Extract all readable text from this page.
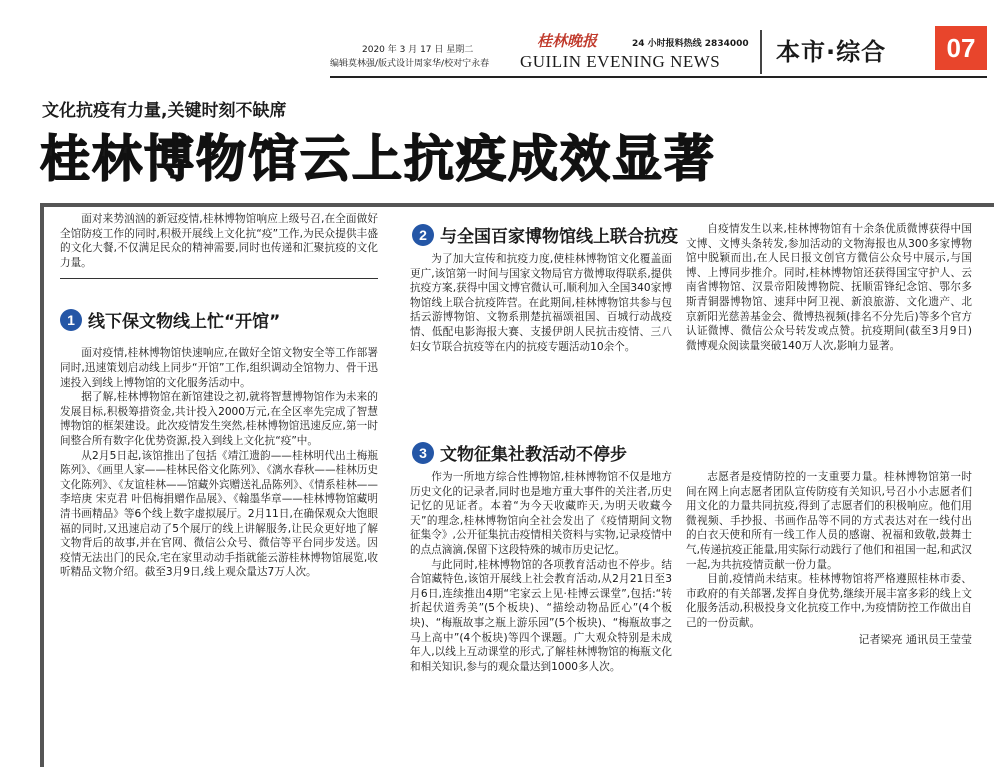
2020 年 3 月 17 日 星期二
编辑莫林强/版式设计周家华/校对宁永春
桂林晚报	24 小时报料热线 2834000
GUILIN EVENING NEWS 本市·综合	07
文化抗疫有力量,关键时刻不缺席
桂林博物馆云上抗疫成效显著

面对来势汹汹的新冠疫情,桂林博物馆响应上级号召,在全面做好全馆防疫工作的同时,积极开展线上文化抗“疫”工作,为民众提供丰盛的文化大餐,不仅满足民众的精神需要,同时也传递和汇聚抗疫的文化力量。

1 线下保文物线上忙“开馆”

面对疫情,桂林博物馆快速响应,在做好全馆文物安全等工作部署同时,迅速策划启动线上同步“开馆”工作,组织调动全馆物力、骨干迅速投入到线上博物馆的文化服务活动中。

据了解,桂林博物馆在新馆建设之初,就将智慧博物馆作为未来的发展目标,积极筹措资金,共计投入2000万元,在全区率先完成了智慧博物馆的框架建设。此次疫情发生突然,桂林博物馆迅速反应,第一时间整合所有数字化优势资源,投入到线上文化抗“疫”中。

从2月5日起,该馆推出了包括《靖江遗韵——桂林明代出土梅瓶陈列》、《画里人家——桂林民俗文化陈列》、《漓水春秋——桂林历史文化陈列》、《友谊桂林——馆藏外宾赠送礼品陈列》、《情系桂林——李培庚 宋克君 叶侣梅捐赠作品展》、《翰墨华章——桂林博物馆藏明清书画精品》等6个线上数字虚拟展厅。2月11日,在确保观众大饱眼福的同时,又迅速启动了5个展厅的线上讲解服务,让民众更好地了解文物背后的故事,并在官网、微信公众号、微信等平台同步发送。因疫情无法出门的民众,宅在家里动动手指就能云游桂林博物馆展览,收听精品文物介绍。截至3月9日,线上观众量达7万人次。

2 与全国百家博物馆线上联合抗疫

为了加大宣传和抗疫力度,使桂林博物馆文化覆盖面更广,该馆第一时间与国家文物局官方微博取得联系,提供抗疫方案,获得中国文博官微认可,顺利加入全国340家博物馆线上联合抗疫阵营。在此期间,桂林博物馆共参与包括云游博物馆、文物系荆楚抗福颂祖国、百城行动战疫情、低配电影海报大赛、支援伊朗人民抗击疫情、三八妇女节联合抗疫等在内的抗疫专题活动10余个。

自疫情发生以来,桂林博物馆有十余条优质微博获得中国文博、文博头条转发,参加活动的文物海报也从300多家博物馆中脱颖而出,在人民日报文创官方微信公众号中展示,与国博、上博同步推介。同时,桂林博物馆还获得国宝守护人、云南省博物馆、汉景帝阳陵博物院、抚顺雷锋纪念馆、鄂尔多斯青铜器博物馆、速拜中阿卫视、新浪旅游、文化遗产、北京新阳光慈善基金会、微博热视频(排名不分先后)等多个官方认证微博、微信公众号转发或点赞。抗疫期间(截至3月9日)微博观众阅读量突破140万人次,影响力显著。

3 文物征集社教活动不停步

作为一所地方综合性博物馆,桂林博物馆不仅是地方历史文化的记录者,同时也是地方重大事件的关注者,历史记忆的见证者。本着“为今天收藏昨天,为明天收藏今天”的理念,桂林博物馆向全社会发出了《疫情期间文物征集令》,公开征集抗击疫情相关资料与实物,记录疫情中的点点滴滴,保留下这段特殊的城市历史记忆。

与此同时,桂林博物馆的各项教育活动也不停步。结合馆藏特色,该馆开展线上社会教育活动,从2月21日至3月6日,连续推出4期“宅家云上见·桂博云课堂”,包括:“转折起伏道秀美”(5个板块)、“描绘动物品匠心”(4个板块)、“梅瓶故事之瓶上游乐园”(5个板块)、“梅瓶故事之马上高中”(4个板块)等四个课题。广大观众特别是未成年人,以线上互动课堂的形式,了解桂林博物馆的梅瓶文化和相关知识,参与的观众量达到1000多人次。

志愿者是疫情防控的一支重要力量。桂林博物馆第一时间在网上向志愿者团队宣传防疫有关知识,号召小小志愿者们用文化的力量共同抗疫,得到了志愿者们的积极响应。他们用微视频、手抄报、书画作品等不同的方式表达对在一线付出的白衣天使和所有一线工作人员的感谢、祝福和致敬,鼓舞士气,传递抗疫正能量,用实际行动践行了他们和祖国一起,和武汉一起,为共抗疫情贡献一份力量。

目前,疫情尚未结束。桂林博物馆将严格遵照桂林市委、市政府的有关部署,发挥自身优势,继续开展丰富多彩的线上文化服务活动,积极投身文化抗疫工作中,为疫情防控工作做出自己的一份贡献。

记者梁亮 通讯员王莹莹
